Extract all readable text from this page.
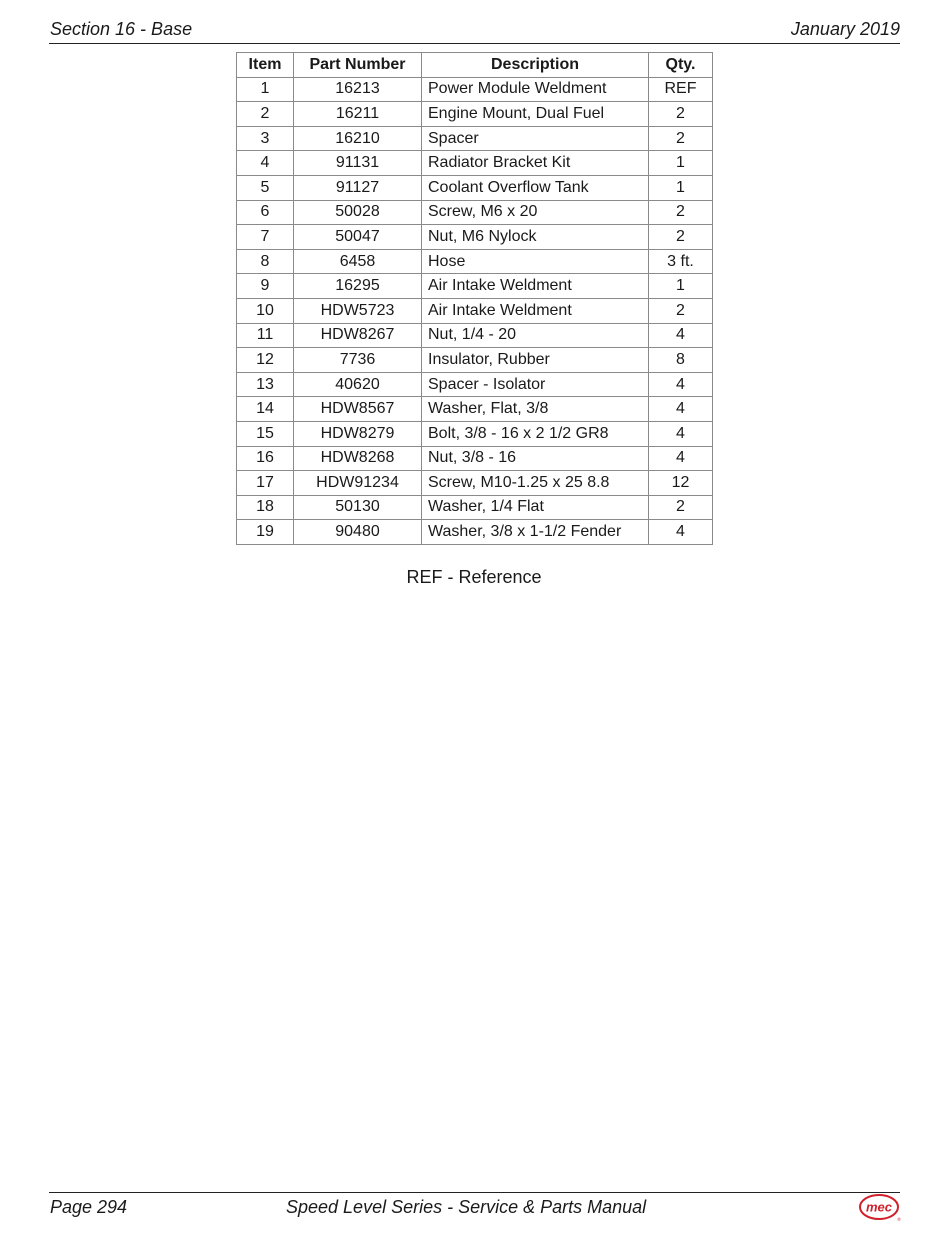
Section 16 - Base	January 2019
Item	Part Number	Description	Qty.
1	16213	Power Module Weldment	REF
2	16211	Engine Mount, Dual Fuel	2
3	16210	Spacer	2
4	91131	Radiator Bracket Kit	1
5	91127	Coolant Overflow Tank	1
6	50028	Screw, M6 x 20	2
7	50047	Nut, M6 Nylock	2
8	6458	Hose	3 ft.
9	16295	Air Intake Weldment	1
10	HDW5723	Air Intake Weldment	2
11	HDW8267	Nut, 1/4 - 20	4
12	7736	Insulator, Rubber	8
13	40620	Spacer - Isolator	4
14	HDW8567	Washer, Flat, 3/8	4
15	HDW8279	Bolt, 3/8 - 16 x 2 1/2 GR8	4
16	HDW8268	Nut, 3/8 - 16	4
17	HDW91234	Screw, M10-1.25 x 25 8.8	12
18	50130	Washer, 1/4 Flat	2
19	90480	Washer, 3/8 x 1-1/2 Fender	4
REF - Reference
Page 294	Speed Level Series - Service & Parts Manual	mec
®
